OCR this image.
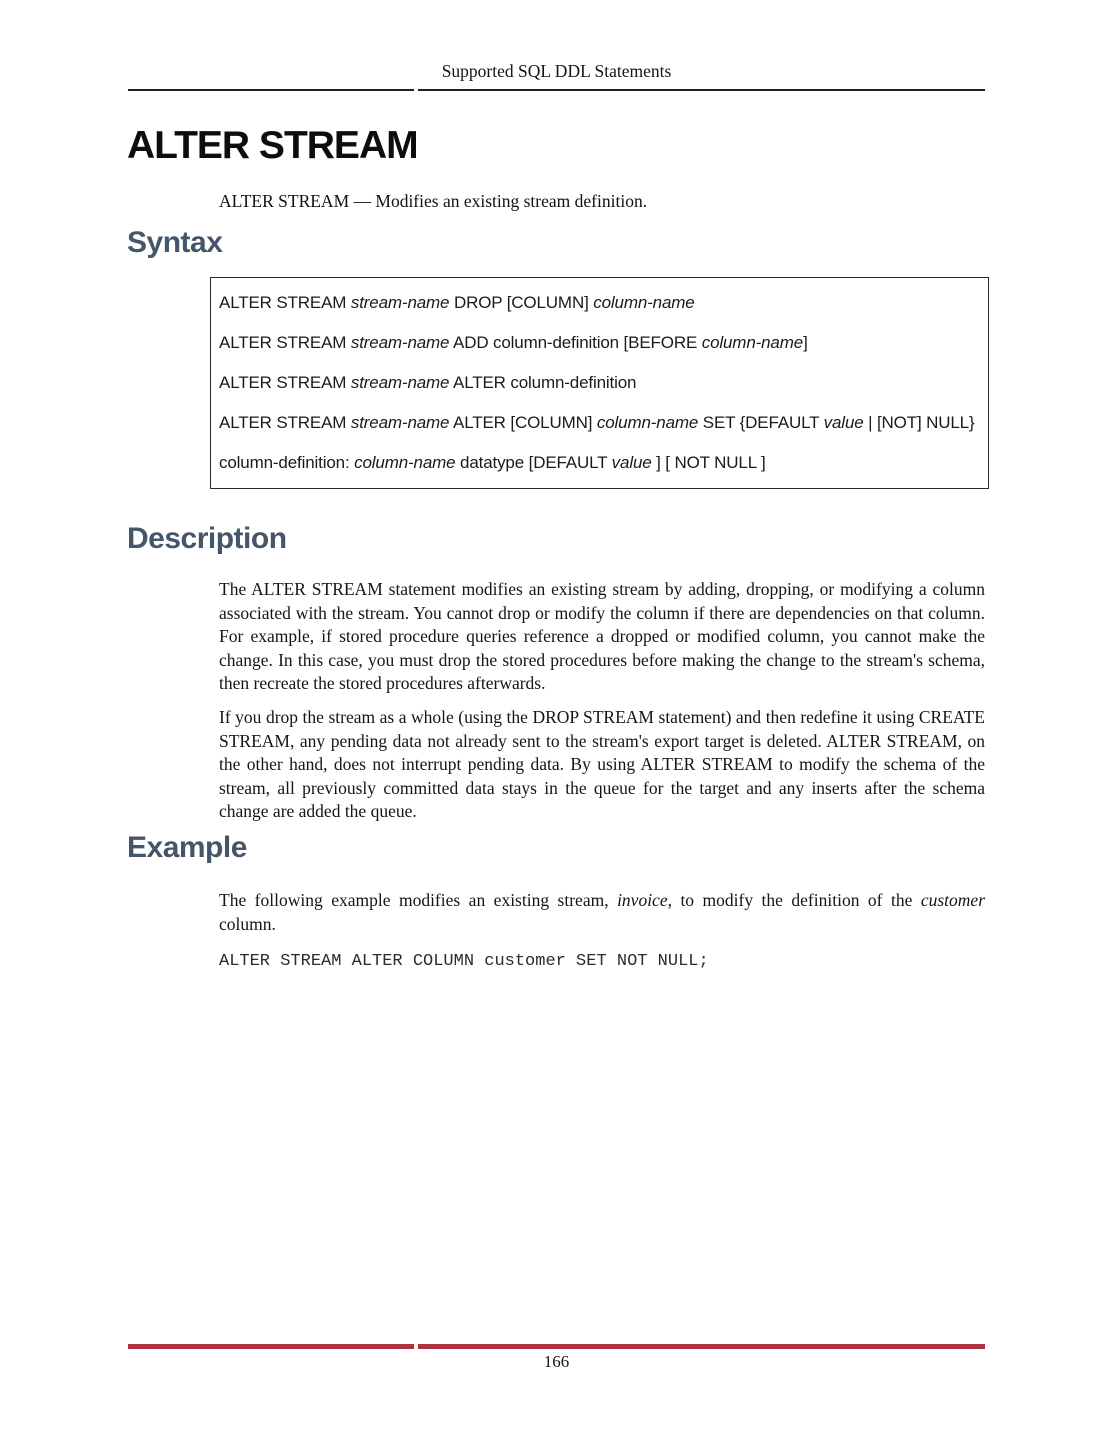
Supported SQL DDL Statements
ALTER STREAM

ALTER STREAM — Modifies an existing stream definition.

Syntax
ALTER STREAM stream-name DROP [COLUMN] column-name
ALTER STREAM stream-name ADD column-definition [BEFORE column-name]
ALTER STREAM stream-name ALTER column-definition
ALTER STREAM stream-name ALTER [COLUMN] column-name SET {DEFAULT value | [NOT] NULL}
column-definition: column-name datatype [DEFAULT value ] [ NOT NULL ]
Description

The ALTER STREAM statement modifies an existing stream by adding, dropping, or modifying a column associated with the stream. You cannot drop or modify the column if there are dependencies on that column. For example, if stored procedure queries reference a dropped or modified column, you cannot make the change. In this case, you must drop the stored procedures before making the change to the stream's schema, then recreate the stored procedures afterwards.

If you drop the stream as a whole (using the DROP STREAM statement) and then redefine it using CREATE STREAM, any pending data not already sent to the stream's export target is deleted. ALTER STREAM, on the other hand, does not interrupt pending data. By using ALTER STREAM to modify the schema of the stream, all previously committed data stays in the queue for the target and any inserts after the schema change are added the queue.

Example

The following example modifies an existing stream, invoice, to modify the definition of the customer column.

ALTER STREAM ALTER COLUMN customer SET NOT NULL;
166
